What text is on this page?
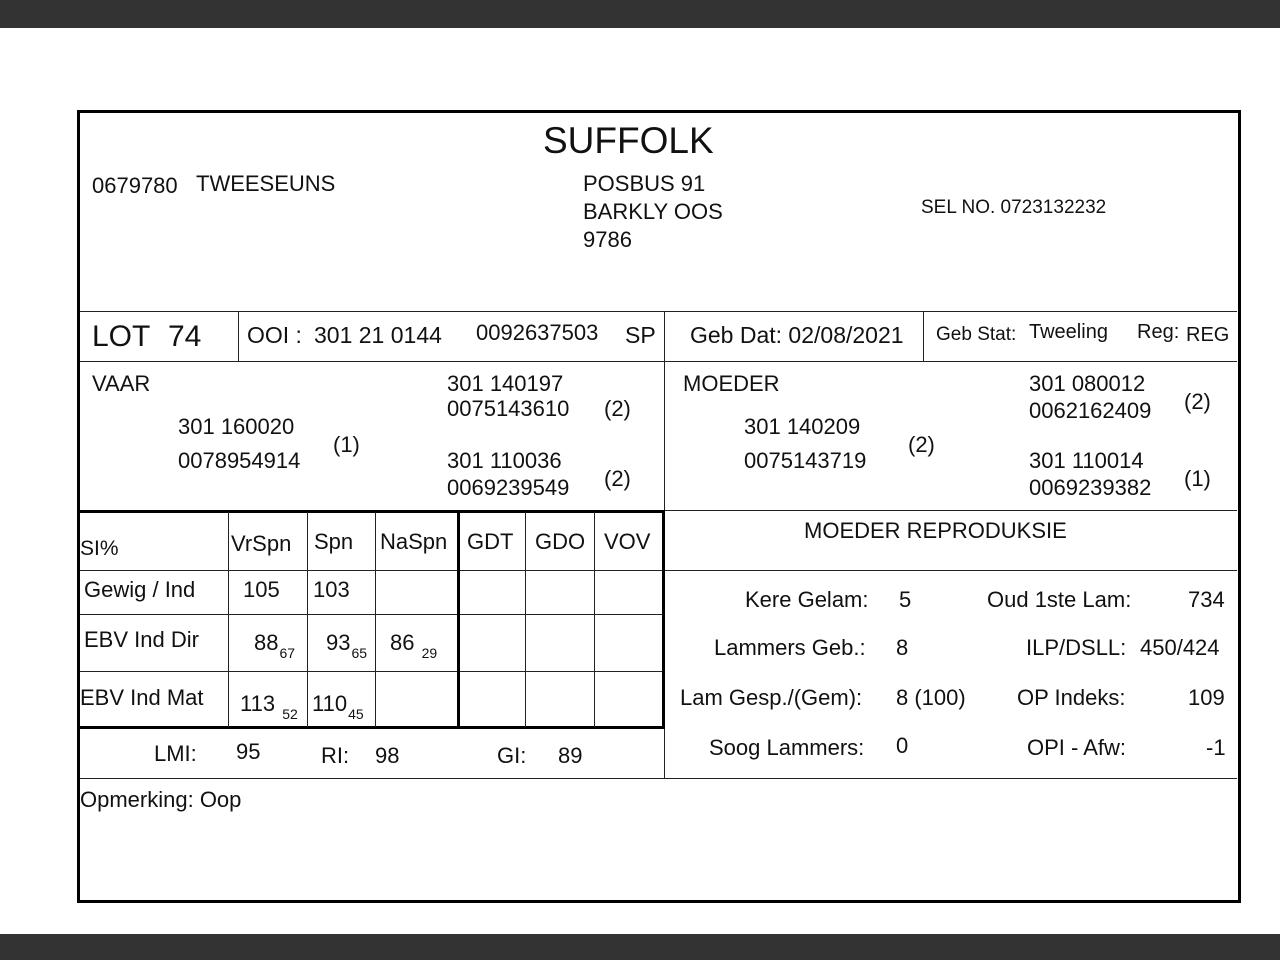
SUFFOLK
0679780 TWEESEUNS	POSBUS 91
BARKLY OOS
9786
SEL NO. 0723132232
LOT 74 OOI : 301 21 0144 0092637503 SP Geb Dat: 02/08/2021 Geb Stat: Tweeling Reg: REG
VAAR
301 160020
0078954914
(1)
301 140197
0075143610 (2)
301 110036
0069239549 (2)
MOEDER
301 140209
0075143719
(2)
301 080012
0062162409 (2)
301 110014
0069239382 (1)
SI%	VrSpn Spn NaSpn GDT GDO VOV
Gewig / Ind 105 103
EBV Ind Dir	$88_{67}$ $93_{65}$ 86 $_{29}$
EBV Ind Mat 113 $_{52}$ $110_{45}$
LMI: 95	RI: 98	GI: 89
MOEDER REPRODUKSIE
Kere Gelam: 5	Oud 1ste Lam:	734
Lammers Geb.: 8	ILP/DSLL: 450/424
Lam Gesp./(Gem): 8 (100) OP Indeks:	109
Soog Lammers: 0	OPI - Afw:	-1
Opmerking: Oop
